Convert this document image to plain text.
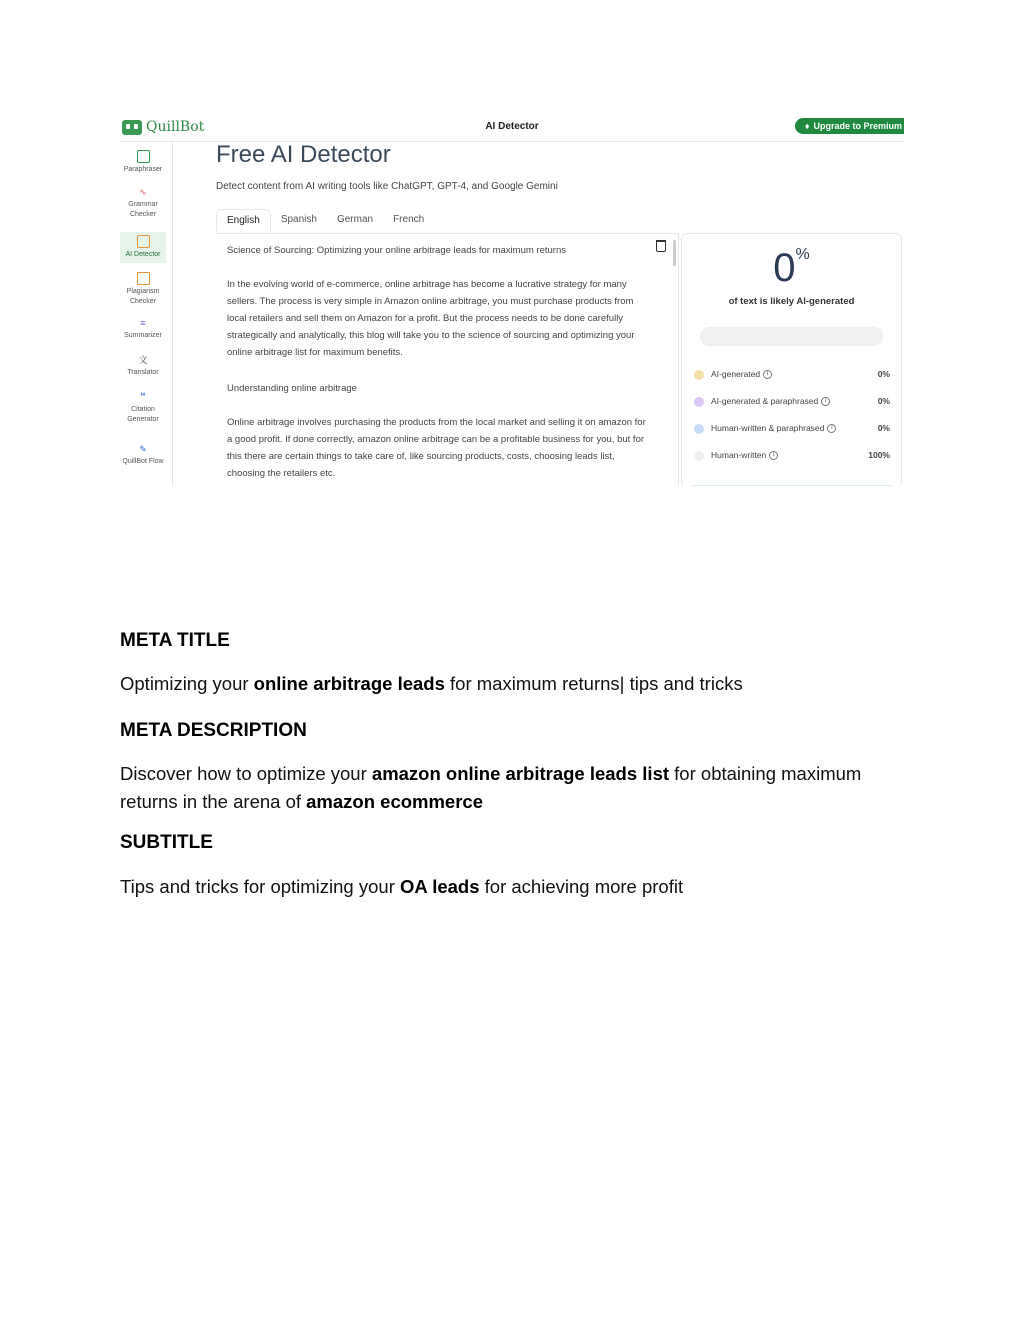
QuillBot	AI Detector	♦ Upgrade to Premium
Paraphraser
∿
Grammar Checker
AI Detector
Plagiarism Checker
≡
Summarizer
文
Translator
“
Citation Generator
✎
QuillBot Flow
Free AI Detector
Detect content from AI writing tools like ChatGPT, GPT-4, and Google Gemini
English	Spanish	German	French

Science of Sourcing: Optimizing your online arbitrage leads for maximum returns

In the evolving world of e-commerce, online arbitrage has become a lucrative strategy for many sellers. The process is very simple in Amazon online arbitrage, you must purchase products from local retailers and sell them on Amazon for a profit. But the process needs to be done carefully strategically and analytically, this blog will take you to the science of sourcing and optimizing your online arbitrage list for maximum benefits.

Understanding online arbitrage

Online arbitrage involves purchasing the products from the local market and selling it on amazon for a good profit. If done correctly, amazon online arbitrage can be a profitable business for you, but for this there are certain things to take care of, like sourcing products, costs, choosing leads list, choosing the retailers etc.

0%
of text is likely AI-generated
AI-generated i	0%
AI-generated & paraphrased i	0%
Human-written & paraphrased i	0%
Human-written i	100%
META TITLE

Optimizing your online arbitrage leads for maximum returns| tips and tricks

META DESCRIPTION

Discover how to optimize your amazon online arbitrage leads list for obtaining maximum returns in the arena of amazon ecommerce

SUBTITLE

Tips and tricks for optimizing your OA leads for achieving more profit
